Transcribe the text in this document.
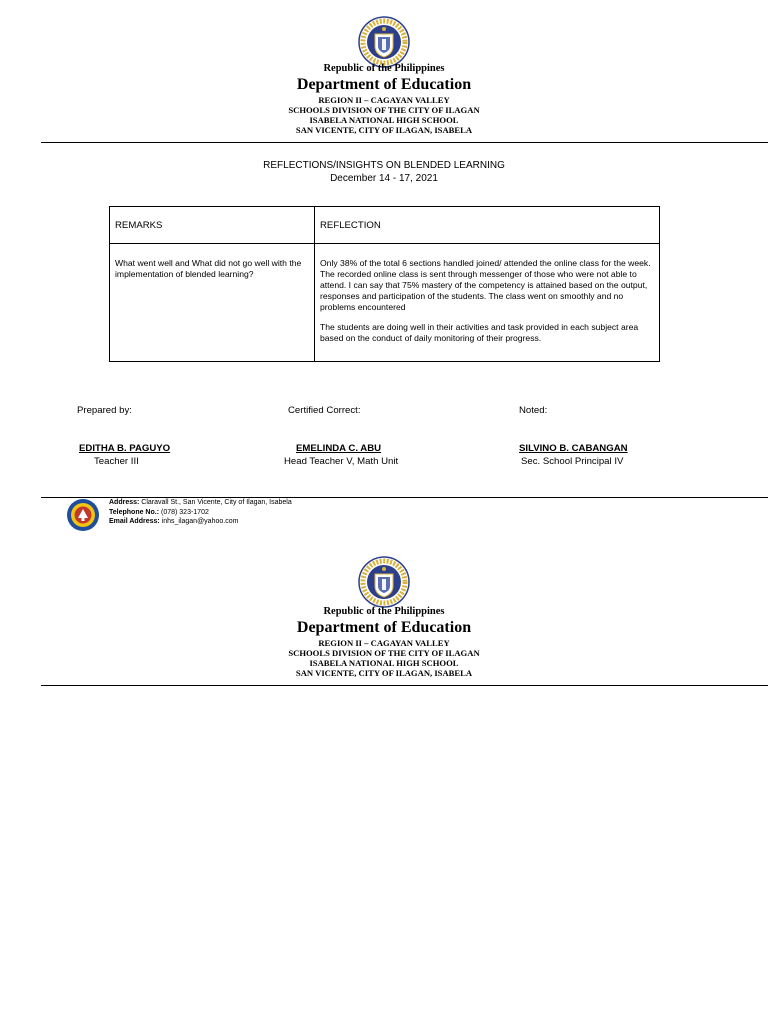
Republic of the Philippines
Department of Education
REGION II – CAGAYAN VALLEY
SCHOOLS DIVISION OF THE CITY OF ILAGAN
ISABELA NATIONAL HIGH SCHOOL
SAN VICENTE, CITY OF ILAGAN, ISABELA
REFLECTIONS/INSIGHTS ON BLENDED LEARNING
December 14 - 17, 2021
REMARKS	REFLECTION
What went well and What did not go well with the implementation of blended learning?	Only 38% of the total 6 sections handled joined/ attended the online class for the week. The recorded online class is sent through messenger of those who were not able to attend. I can say that 75% mastery of the competency is attained based on the output, responses and participation of the students. The class went on smoothly and no problems encountered

The students are doing well in their activities and task provided in each subject area based on the conduct of daily monitoring of their progress.

Prepared by:	Certified Correct:	Noted:
EDITHA B. PAGUYO	EMELINDA C. ABU	SILVINO B. CABANGAN
Teacher III	Head Teacher V, Math Unit	Sec. School Principal IV
Address: Claravall St., San Vicente, City of Ilagan, Isabela
Telephone No.: (078) 323-1702
Email Address: inhs_ilagan@yahoo.com
Republic of the Philippines
Department of Education
REGION II – CAGAYAN VALLEY
SCHOOLS DIVISION OF THE CITY OF ILAGAN
ISABELA NATIONAL HIGH SCHOOL
SAN VICENTE, CITY OF ILAGAN, ISABELA
